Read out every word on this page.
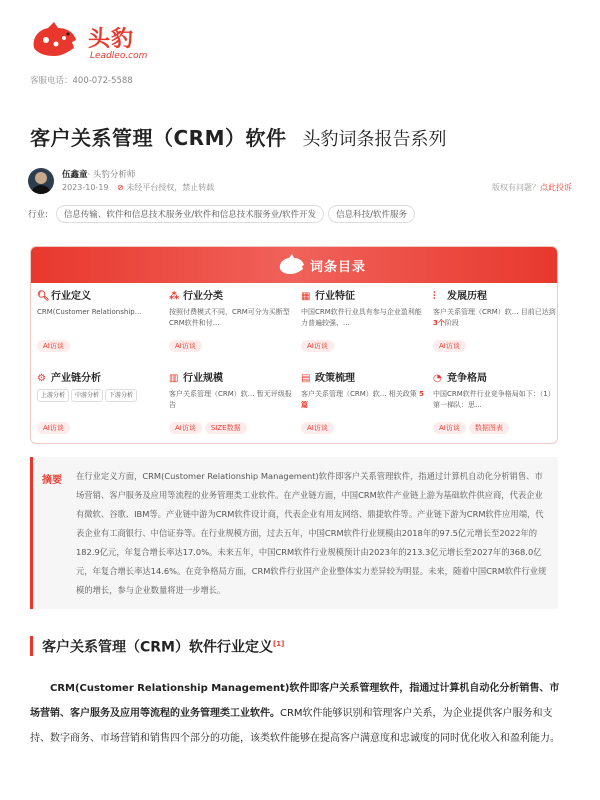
头豹
Leadleo.com
客服电话：400-072-5588
客户关系管理（CRM）软件 头豹词条报告系列
伍鑫童· 头豹分析师
2023-10-19 ⊘ 未经平台授权，禁止转载	版权有问题？点此投诉
行业: 信息传输、软件和信息技术服务业/软件和信息技术服务业/软件开发 信息科技/软件服务
词条目录
🔍︎行业定义
CRM(Customer Relationship...
AI访谈
⁂ 行业分类
按照付费模式不同，CRM可分为买断型CRM软件和付...
AI访谈
▦ 行业特征
中国CRM软件行业具有参与企业盈利能力普遍较强、...
AI访谈
⫶ 发展历程
客户关系管理（CRM）软... 目前已达到 3个阶段
AI访谈
⚙ 产业链分析
上游分析 中游分析 下游分析
AI访谈
▥ 行业规模
客户关系管理（CRM）软... 暂无评级报告
AI访谈 SIZE数据
▤ 政策梳理
客户关系管理（CRM）软... 相关政策 5篇
AI访谈
◔ 竞争格局
中国CRM软件行业竞争格局如下：（1）第一梯队：思...
AI访谈 数据图表
摘要 在行业定义方面，CRM(Customer Relationship Management)软件即客户关系管理软件，指通过计算机自动化分析销售、市场营销、客户服务及应用等流程的业务管理类工业软件。在产业链方面，中国CRM软件产业链上游为基础软件供应商，代表企业有微软、谷歌、IBM等。产业链中游为CRM软件设计商，代表企业有用友网络、鼎捷软件等。产业链下游为CRM软件应用端，代表企业有工商银行、中信证券等。在行业规模方面，过去五年，中国CRM软件行业规模由2018年的97.5亿元增长至2022年的182.9亿元，年复合增长率达17.0%。未来五年，中国CRM软件行业规模预计由2023年的213.3亿元增长至2027年的368.0亿元，年复合增长率达14.6%。在竞争格局方面，CRM软件行业国产企业整体实力差异较为明显。未来，随着中国CRM软件行业规模的增长，参与企业数量将进一步增长。
客户关系管理（CRM）软件行业定义[1]
CRM(Customer Relationship Management)软件即客户关系管理软件，指通过计算机自动化分析销售、市场营销、客户服务及应用等流程的业务管理类工业软件。CRM软件能够识别和管理客户关系，为企业提供客户服务和支持、数字商务、市场营销和销售四个部分的功能，该类软件能够在提高客户满意度和忠诚度的同时优化收入和盈利能力。
